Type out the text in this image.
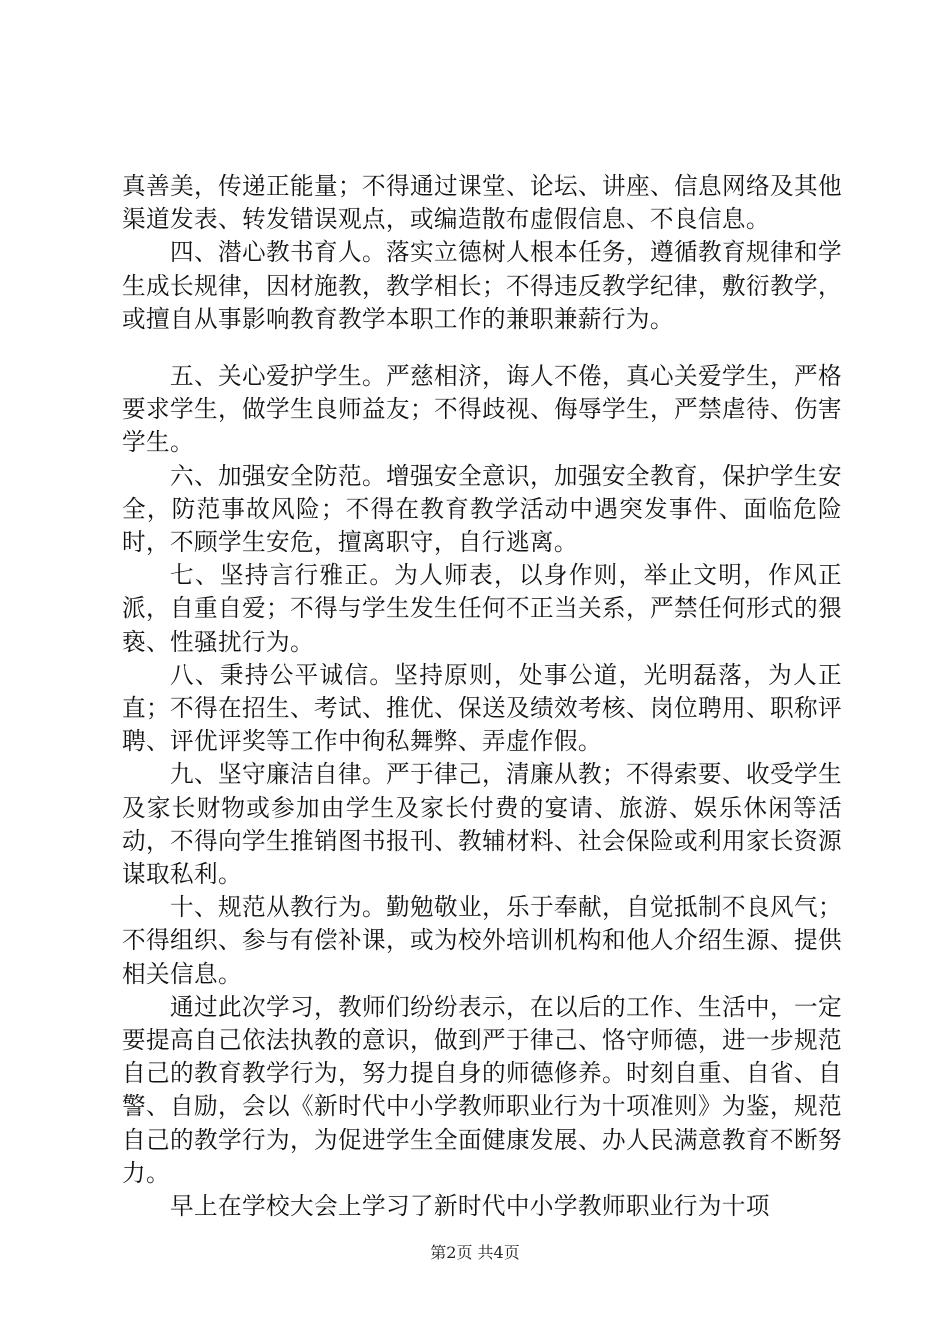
真善美，传递正能量；不得通过课堂、论坛、讲座、信息网络及其他渠道发表、转发错误观点，或编造散布虚假信息、不良信息。

四、潜心教书育人。落实立德树人根本任务，遵循教育规律和学生成长规律，因材施教，教学相长；不得违反教学纪律，敷衍教学，或擅自从事影响教育教学本职工作的兼职兼薪行为。

五、关心爱护学生。严慈相济，诲人不倦，真心关爱学生，严格要求学生，做学生良师益友；不得歧视、侮辱学生，严禁虐待、伤害学生。

六、加强安全防范。增强安全意识，加强安全教育，保护学生安全，防范事故风险；不得在教育教学活动中遇突发事件、面临危险时，不顾学生安危，擅离职守，自行逃离。

七、坚持言行雅正。为人师表，以身作则，举止文明，作风正派，自重自爱；不得与学生发生任何不正当关系，严禁任何形式的猥亵、性骚扰行为。

八、秉持公平诚信。坚持原则，处事公道，光明磊落，为人正直；不得在招生、考试、推优、保送及绩效考核、岗位聘用、职称评聘、评优评奖等工作中徇私舞弊、弄虚作假。

九、坚守廉洁自律。严于律己，清廉从教；不得索要、收受学生及家长财物或参加由学生及家长付费的宴请、旅游、娱乐休闲等活动，不得向学生推销图书报刊、教辅材料、社会保险或利用家长资源谋取私利。

十、规范从教行为。勤勉敬业，乐于奉献，自觉抵制不良风气；不得组织、参与有偿补课，或为校外培训机构和他人介绍生源、提供相关信息。

通过此次学习，教师们纷纷表示，在以后的工作、生活中，一定要提高自己依法执教的意识，做到严于律己、恪守师德，进一步规范自己的教育教学行为，努力提自身的师德修养。时刻自重、自省、自警、自励，会以《新时代中小学教师职业行为十项准则》为鉴，规范自己的教学行为，为促进学生全面健康发展、办人民满意教育不断努力。

早上在学校大会上学习了新时代中小学教师职业行为十项

第2页 共4页
